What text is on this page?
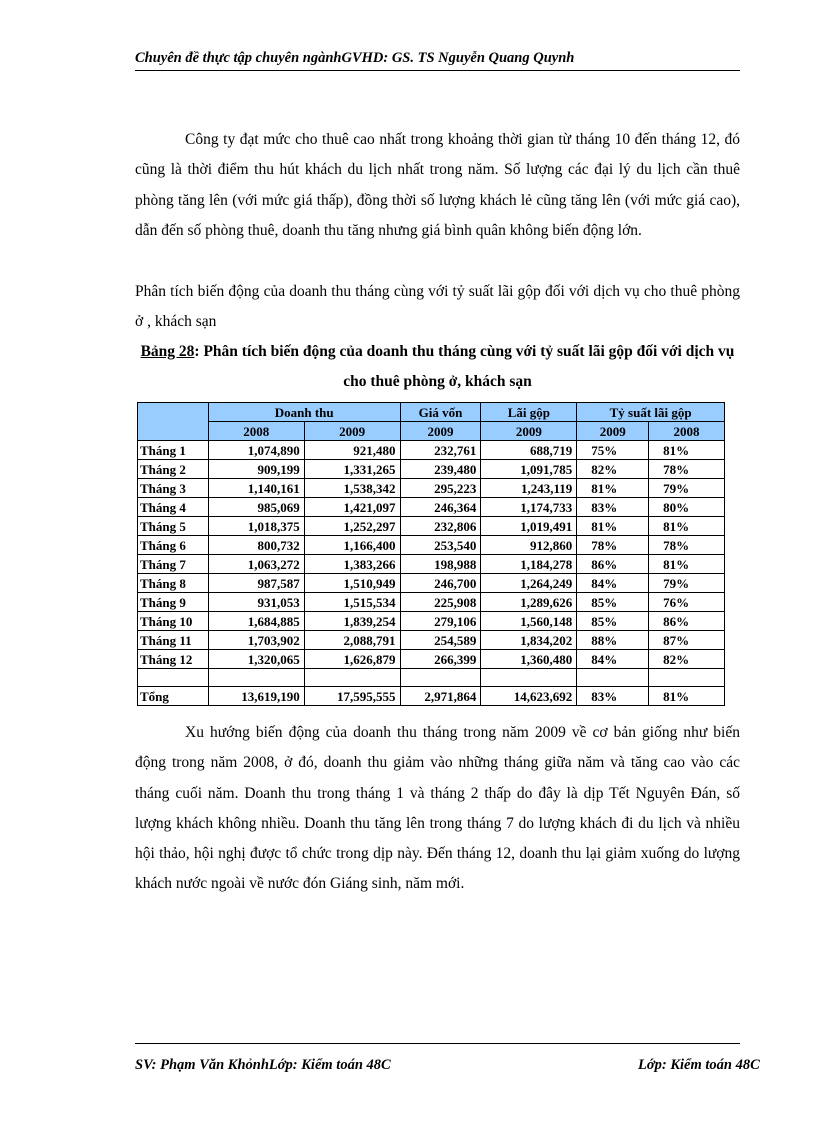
Chuyên đề thực tập chuyên ngànhGVHD: GS. TS Nguyễn Quang Quynh
Công ty đạt mức cho thuê cao nhất trong khoảng thời gian từ tháng 10 đến tháng 12, đó cũng là thời điểm thu hút khách du lịch nhất trong năm. Số lượng các đại lý du lịch cần thuê phòng tăng lên (với mức giá thấp), đồng thời số lượng khách lẻ cũng tăng lên (với mức giá cao), dẫn đến số phòng thuê, doanh thu tăng nhưng giá bình quân không biến động lớn.
Phân tích biến động của doanh thu tháng cùng với tỷ suất lãi gộp đối với dịch vụ cho thuê phòng ở , khách sạn
Bảng 28: Phân tích biến động của doanh thu tháng cùng với tỷ suất lãi gộp đối với dịch vụ cho thuê phòng ở, khách sạn
	Doanh thu		Giá vốn	Lãi gộp	Tỷ suất lãi gộp	
	2008	2009	2009	2009	2009	2008
Tháng 1	1,074,890	921,480	232,761	688,719	75%	81%
Tháng 2	909,199	1,331,265	239,480	1,091,785	82%	78%
Tháng 3	1,140,161	1,538,342	295,223	1,243,119	81%	79%
Tháng 4	985,069	1,421,097	246,364	1,174,733	83%	80%
Tháng 5	1,018,375	1,252,297	232,806	1,019,491	81%	81%
Tháng 6	800,732	1,166,400	253,540	912,860	78%	78%
Tháng 7	1,063,272	1,383,266	198,988	1,184,278	86%	81%
Tháng 8	987,587	1,510,949	246,700	1,264,249	84%	79%
Tháng 9	931,053	1,515,534	225,908	1,289,626	85%	76%
Tháng 10	1,684,885	1,839,254	279,106	1,560,148	85%	86%
Tháng 11	1,703,902	2,088,791	254,589	1,834,202	88%	87%
Tháng 12	1,320,065	1,626,879	266,399	1,360,480	84%	82%

Tổng	13,619,190	17,595,555	2,971,864	14,623,692	83%	81%
Xu hướng biến động của doanh thu tháng trong năm 2009 về cơ bản giống như biến động trong năm 2008, ở đó, doanh thu giảm vào những tháng giữa năm và tăng cao vào các tháng cuối năm. Doanh thu trong tháng 1 và tháng 2 thấp do đây là dịp Tết Nguyên Đán, số lượng khách không nhiều. Doanh thu tăng lên trong tháng 7 do lượng khách đi du lịch và nhiều hội thảo, hội nghị được tổ chức trong dịp này. Đến tháng 12, doanh thu lại giảm xuống do lượng khách nước ngoài về nước đón Giáng sinh, năm mới.
SV: Phạm Văn KhỏnhLớp: Kiểm toán 48C	Lớp: Kiểm toán 48C
